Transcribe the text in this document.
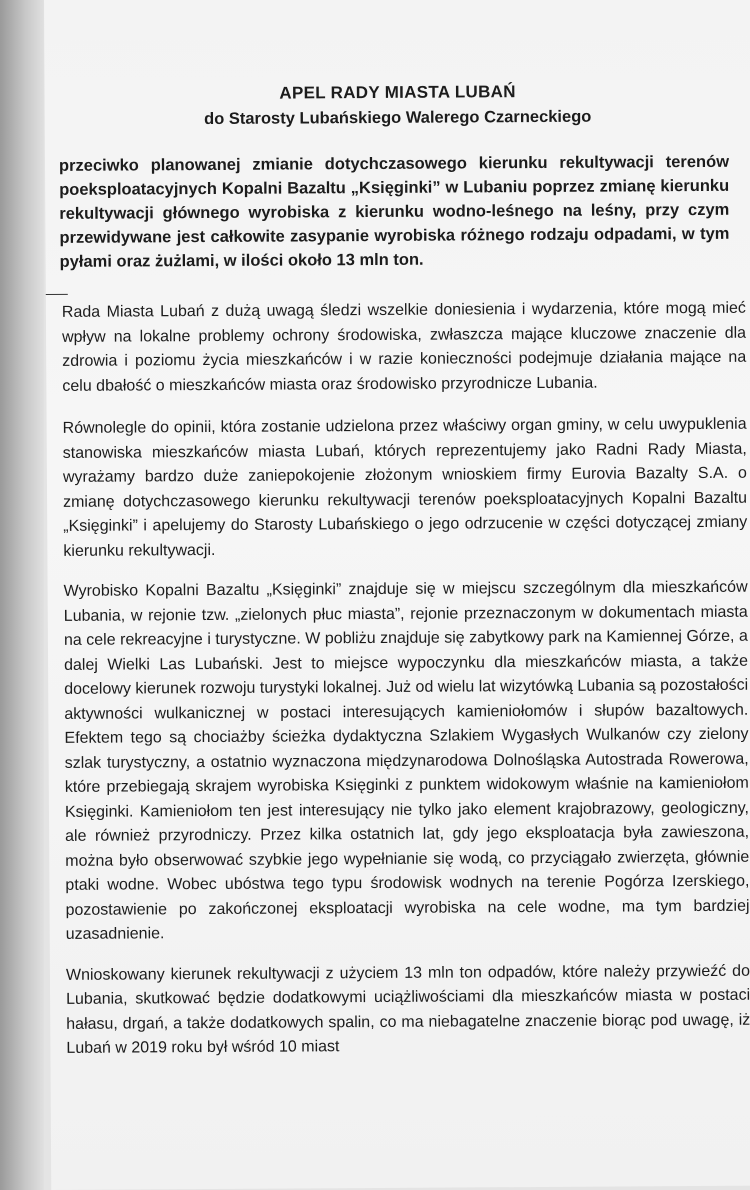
APEL RADY MIASTA LUBAŃ
do Starosty Lubańskiego Walerego Czarneckiego

przeciwko planowanej zmianie dotychczasowego kierunku rekultywacji terenów poeksploatacyjnych Kopalni Bazaltu „Księginki” w Lubaniu poprzez zmianę kierunku rekultywacji głównego wyrobiska z kierunku wodno-leśnego na leśny, przy czym przewidywane jest całkowite zasypanie wyrobiska różnego rodzaju odpadami, w tym pyłami oraz żużlami, w ilości około 13 mln ton.

Rada Miasta Lubań z dużą uwagą śledzi wszelkie doniesienia i wydarzenia, które mogą mieć wpływ na lokalne problemy ochrony środowiska, zwłaszcza mające kluczowe znaczenie dla zdrowia i poziomu życia mieszkańców i w razie konieczności podejmuje działania mające na celu dbałość o mieszkańców miasta oraz środowisko przyrodnicze Lubania.

Równolegle do opinii, która zostanie udzielona przez właściwy organ gminy, w celu uwypuklenia stanowiska mieszkańców miasta Lubań, których reprezentujemy jako Radni Rady Miasta, wyrażamy bardzo duże zaniepokojenie złożonym wnioskiem firmy Eurovia Bazalty S.A. o zmianę dotychczasowego kierunku rekultywacji terenów poeksploatacyjnych Kopalni Bazaltu „Księginki” i apelujemy do Starosty Lubańskiego o jego odrzucenie w części dotyczącej zmiany kierunku rekultywacji.

Wyrobisko Kopalni Bazaltu „Księginki” znajduje się w miejscu szczególnym dla mieszkańców Lubania, w rejonie tzw. „zielonych płuc miasta”, rejonie przeznaczonym w dokumentach miasta na cele rekreacyjne i turystyczne. W pobliżu znajduje się zabytkowy park na Kamiennej Górze, a dalej Wielki Las Lubański. Jest to miejsce wypoczynku dla mieszkańców miasta, a także docelowy kierunek rozwoju turystyki lokalnej. Już od wielu lat wizytówką Lubania są pozostałości aktywności wulkanicznej w postaci interesujących kamieniołomów i słupów bazaltowych. Efektem tego są chociażby ścieżka dydaktyczna Szlakiem Wygasłych Wulkanów czy zielony szlak turystyczny, a ostatnio wyznaczona międzynarodowa Dolnośląska Autostrada Rowerowa, które przebiegają skrajem wyrobiska Księginki z punktem widokowym właśnie na kamieniołom Księginki. Kamieniołom ten jest interesujący nie tylko jako element krajobrazowy, geologiczny, ale również przyrodniczy. Przez kilka ostatnich lat, gdy jego eksploatacja była zawieszona, można było obserwować szybkie jego wypełnianie się wodą, co przyciągało zwierzęta, głównie ptaki wodne. Wobec ubóstwa tego typu środowisk wodnych na terenie Pogórza Izerskiego, pozostawienie po zakończonej eksploatacji wyrobiska na cele wodne, ma tym bardziej uzasadnienie.

Wnioskowany kierunek rekultywacji z użyciem 13 mln ton odpadów, które należy przywieźć do Lubania, skutkować będzie dodatkowymi uciążliwościami dla mieszkańców miasta w postaci hałasu, drgań, a także dodatkowych spalin, co ma niebagatelne znaczenie biorąc pod uwagę, iż Lubań w 2019 roku był wśród 10 miast
